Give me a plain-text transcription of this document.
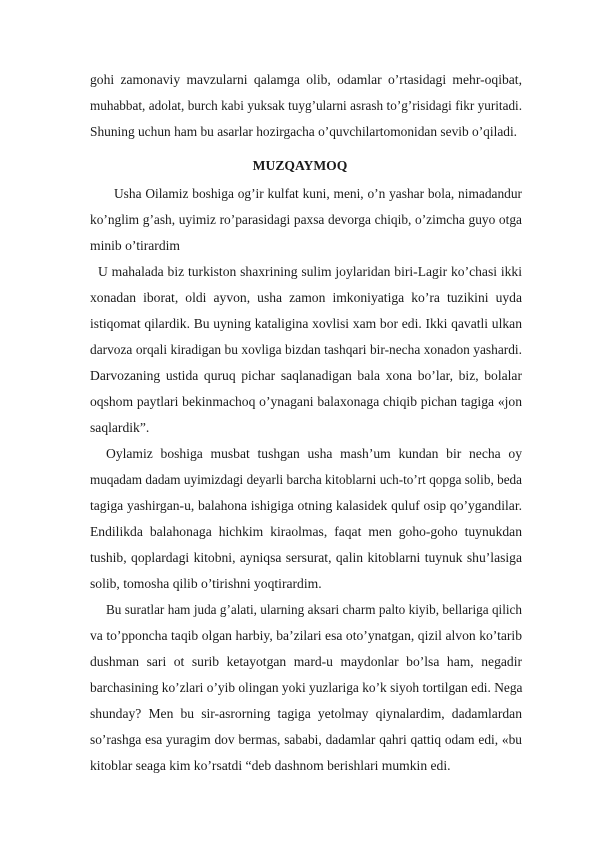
gohi zamonaviy mavzularni qalamga olib, odamlar o’rtasidagi mehr-oqibat,
muhabbat, adolat, burch kabi yuksak tuyg’ularni asrash to’g’risidagi fikr yuritadi.
Shuning uchun ham bu asarlar hozirgacha o’quvchilartomonidan sevib o’qiladi.
MUZQAYMOQ
Usha Oilamiz boshiga og’ir kulfat kuni, meni, o’n yashar bola, nimadandur
ko’nglim g’ash, uyimiz ro’parasidagi paxsa devorga chiqib, o’zimcha guyo otga
minib o’tirardim
U mahalada biz turkiston shaxrining sulim joylaridan biri-Lagir ko’chasi ikki
xonadan iborat, oldi ayvon, usha zamon imkoniyatiga ko’ra tuzikini uyda
istiqomat qilardik. Bu uyning kataligina xovlisi xam bor edi. Ikki qavatli ulkan
darvoza orqali kiradigan bu xovliga bizdan tashqari bir-necha xonadon yashardi.
Darvozaning ustida quruq pichar saqlanadigan bala xona bo’lar, biz, bolalar
oqshom paytlari bekinmachoq o’ynagani balaxonaga chiqib pichan tagiga «jon
saqlardik”.
Oylamiz boshiga musbat tushgan usha mash’um kundan bir necha oy
muqadam dadam uyimizdagi deyarli barcha kitoblarni uch-to’rt qopga solib, beda
tagiga yashirgan-u, balahona ishigiga otning kalasidek quluf osip qo’ygandilar.
Endilikda balahonaga hichkim kiraolmas, faqat men goho-goho tuynukdan
tushib, qoplardagi kitobni, ayniqsa sersurat, qalin kitoblarni tuynuk shu’lasiga
solib, tomosha qilib o’tirishni yoqtirardim.
Bu suratlar ham juda g’alati, ularning aksari charm palto kiyib, bellariga qilich
va to’pponcha taqib olgan harbiy, ba’zilari esa oto’ynatgan, qizil alvon ko’tarib
dushman sari ot surib ketayotgan mard-u maydonlar bo’lsa ham, negadir
barchasining ko’zlari o’yib olingan yoki yuzlariga ko’k siyoh tortilgan edi. Nega
shunday? Men bu sir-asrorning tagiga yetolmay qiynalardim, dadamlardan
so’rashga esa yuragim dov bermas, sababi, dadamlar qahri qattiq odam edi, «bu
kitoblar seaga kim ko’rsatdi “deb dashnom berishlari mumkin edi.
